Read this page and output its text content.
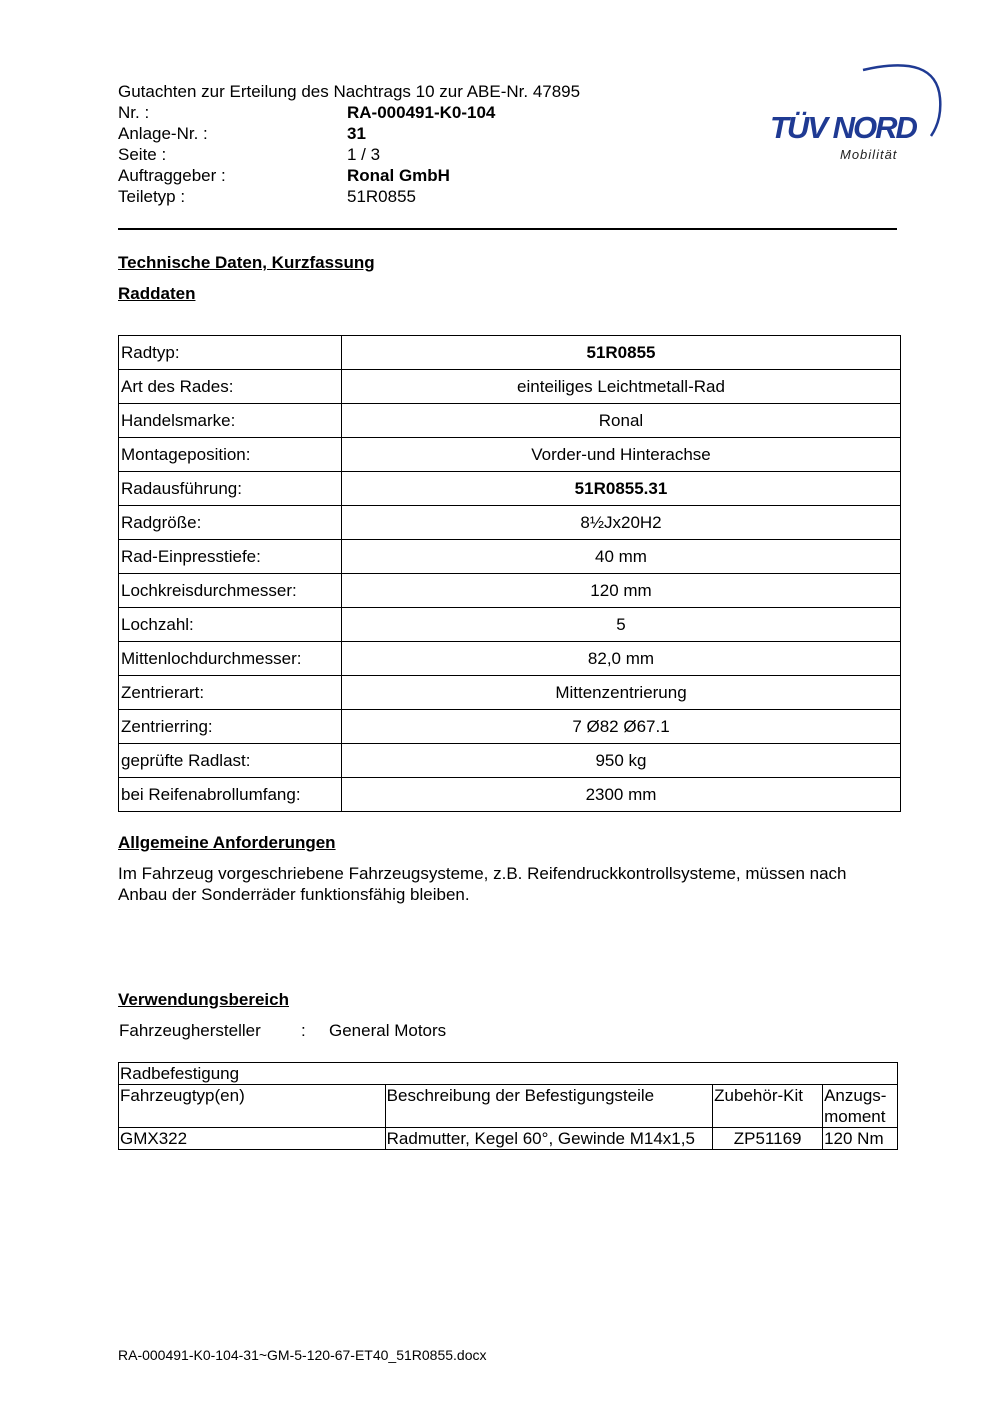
Gutachten zur Erteilung des Nachtrags 10 zur ABE-Nr. 47895
Nr. :	RA-000491-K0-104
Anlage-Nr. :	31
Seite :	1 / 3
Auftraggeber :	Ronal GmbH
Teiletyp :	51R0855
TÜV NORD
Mobilität
Technische Daten, Kurzfassung
Raddaten
Radtyp:	51R0855
Art des Rades:	einteiliges Leichtmetall-Rad
Handelsmarke:	Ronal
Montageposition:	Vorder-und Hinterachse
Radausführung:	51R0855.31
Radgröße:	8½Jx20H2
Rad-Einpresstiefe:	40 mm
Lochkreisdurchmesser:	120 mm
Lochzahl:	5
Mittenlochdurchmesser:	82,0 mm
Zentrierart:	Mittenzentrierung
Zentrierring:	7 Ø82 Ø67.1
geprüfte Radlast:	950 kg
bei Reifenabrollumfang:	2300 mm
Allgemeine Anforderungen
Im Fahrzeug vorgeschriebene Fahrzeugsysteme, z.B. Reifendruckkontrollsysteme, müssen nach Anbau der Sonderräder funktionsfähig bleiben.
Verwendungsbereich
Fahrzeughersteller : General Motors
Radbefestigung			
Fahrzeugtyp(en)	Beschreibung der Befestigungsteile	Zubehör-Kit	Anzugs-moment
GMX322	Radmutter, Kegel 60°, Gewinde M14x1,5	ZP51169	120 Nm
RA-000491-K0-104-31~GM-5-120-67-ET40_51R0855.docx
